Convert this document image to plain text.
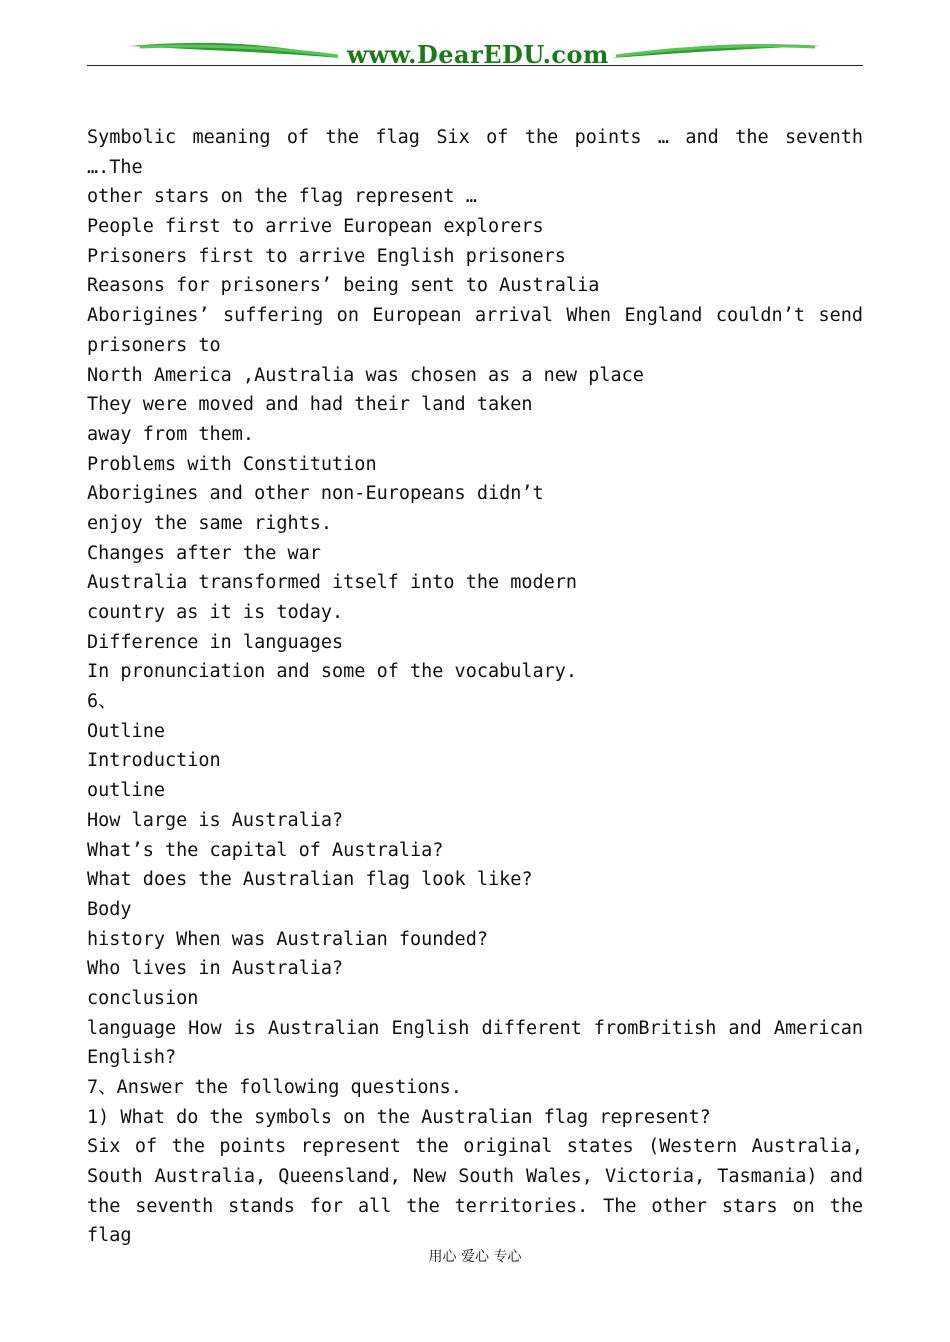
www.DearEDU.com
Symbolic meaning of the flag Six of the points … and the seventh
….The
other stars on the flag represent …
People first to arrive European explorers
Prisoners first to arrive English prisoners
Reasons for prisoners’ being sent to Australia
Aborigines’ suffering on European arrival When England couldn’t send
prisoners to
North America ,Australia was chosen as a new place
They were moved and had their land taken
away from them.
Problems with Constitution
Aborigines and other non-Europeans didn’t
enjoy the same rights.
Changes after the war
Australia transformed itself into the modern
country as it is today.
Difference in languages
In pronunciation and some of the vocabulary.
6、
Outline
Introduction
outline
How large is Australia?
What’s the capital of Australia?
What does the Australian flag look like?
Body
history When was Australian founded?
Who lives in Australia?
conclusion
language How is Australian English different fromBritish and American
English?
7、Answer the following questions.
1) What do the symbols on the Australian flag represent?
Six of the points represent the original states (Western Australia,
South Australia, Queensland, New South Wales, Victoria, Tasmania) and
the seventh stands for all the territories. The other stars on the flag
用心 爱心 专心
